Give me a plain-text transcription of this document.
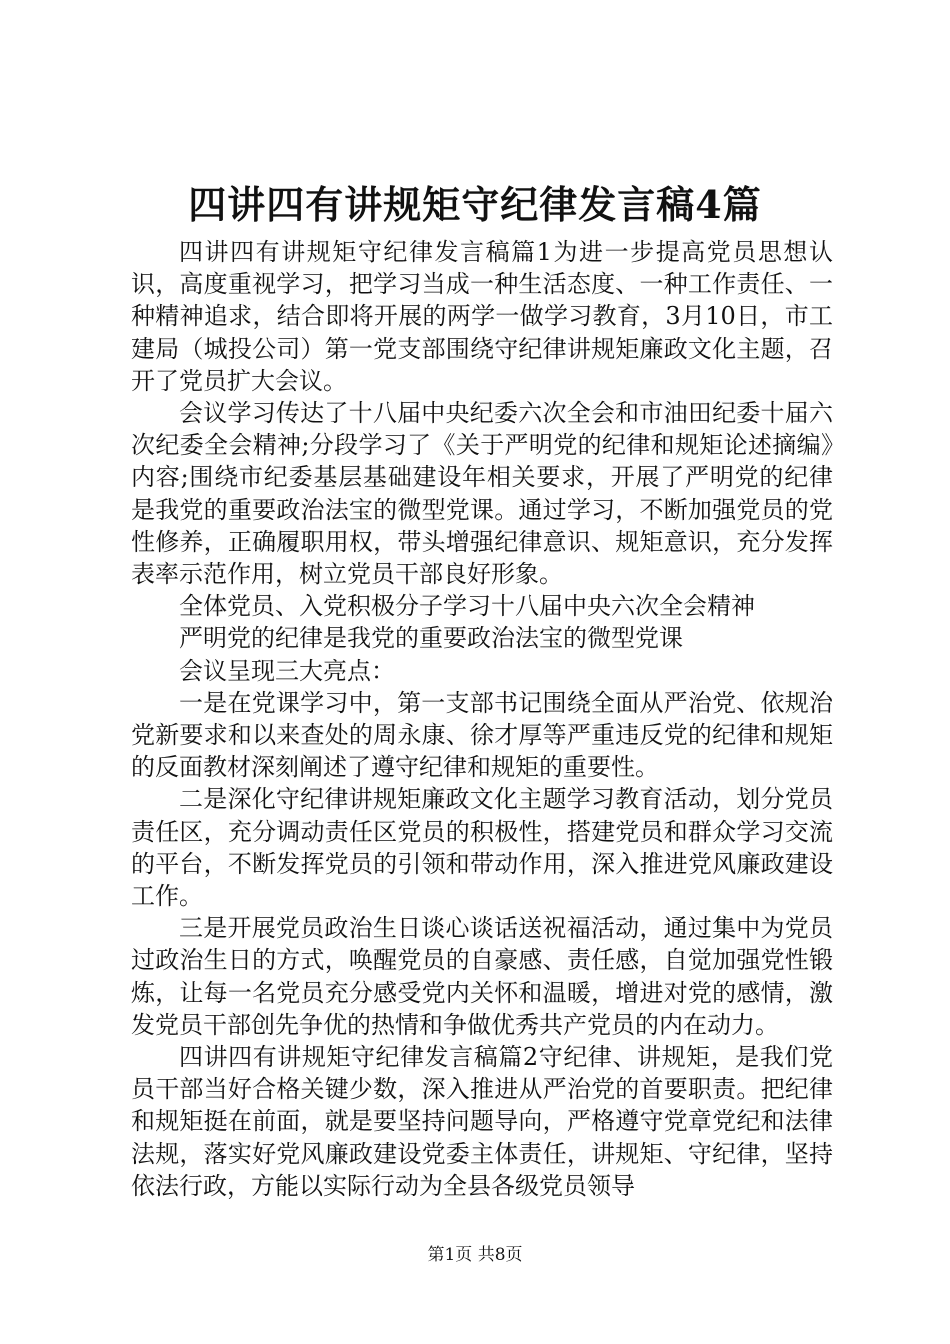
四讲四有讲规矩守纪律发言稿4篇

四讲四有讲规矩守纪律发言稿篇1为进一步提高党员思想认识，高度重视学习，把学习当成一种生活态度、一种工作责任、一种精神追求，结合即将开展的两学一做学习教育，3月10日，市工建局（城投公司）第一党支部围绕守纪律讲规矩廉政文化主题，召开了党员扩大会议。

会议学习传达了十八届中央纪委六次全会和市油田纪委十届六次纪委全会精神;分段学习了《关于严明党的纪律和规矩论述摘编》内容;围绕市纪委基层基础建设年相关要求，开展了严明党的纪律是我党的重要政治法宝的微型党课。通过学习，不断加强党员的党性修养，正确履职用权，带头增强纪律意识、规矩意识，充分发挥表率示范作用，树立党员干部良好形象。

全体党员、入党积极分子学习十八届中央六次全会精神

严明党的纪律是我党的重要政治法宝的微型党课

会议呈现三大亮点：

一是在党课学习中，第一支部书记围绕全面从严治党、依规治党新要求和以来查处的周永康、徐才厚等严重违反党的纪律和规矩的反面教材深刻阐述了遵守纪律和规矩的重要性。

二是深化守纪律讲规矩廉政文化主题学习教育活动，划分党员责任区，充分调动责任区党员的积极性，搭建党员和群众学习交流的平台，不断发挥党员的引领和带动作用，深入推进党风廉政建设工作。

三是开展党员政治生日谈心谈话送祝福活动，通过集中为党员过政治生日的方式，唤醒党员的自豪感、责任感，自觉加强党性锻炼，让每一名党员充分感受党内关怀和温暖，增进对党的感情，激发党员干部创先争优的热情和争做优秀共产党员的内在动力。

四讲四有讲规矩守纪律发言稿篇2守纪律、讲规矩，是我们党员干部当好合格关键少数，深入推进从严治党的首要职责。把纪律和规矩挺在前面，就是要坚持问题导向，严格遵守党章党纪和法律法规，落实好党风廉政建设党委主体责任，讲规矩、守纪律，坚持依法行政，方能以实际行动为全县各级党员领导

第1页 共8页
